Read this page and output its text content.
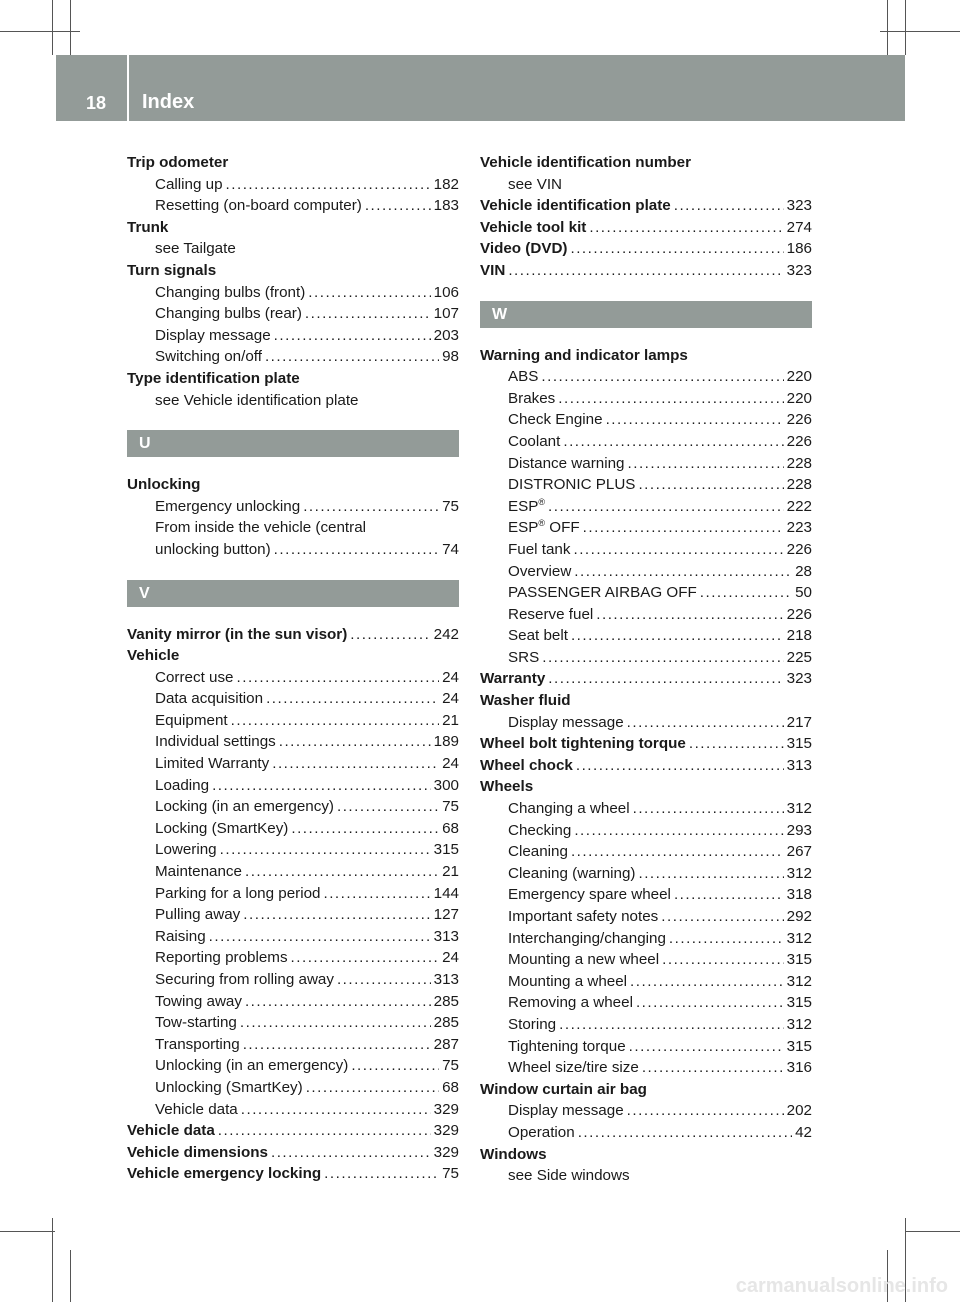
18 Index
Trip odometer
Calling up .....	182
Resetting (on-board computer) .....	183
Trunk
see Tailgate
Turn signals
Changing bulbs (front) .....	106
Changing bulbs (rear) .....	107
Display message .....	203
Switching on/off .....	98
Type identification plate
see Vehicle identification plate
U
Unlocking
Emergency unlocking .....	75
From inside the vehicle (central
unlocking button) .....	74
V
Vanity mirror (in the sun visor) .....	242
Vehicle
Correct use .....	24
Data acquisition .....	24
Equipment .....	21
Individual settings .....	189
Limited Warranty .....	24
Loading .....	300
Locking (in an emergency) .....	75
Locking (SmartKey) .....	68
Lowering .....	315
Maintenance .....	21
Parking for a long period .....	144
Pulling away .....	127
Raising .....	313
Reporting problems .....	24
Securing from rolling away .....	313
Towing away .....	285
Tow-starting .....	285
Transporting .....	287
Unlocking (in an emergency) .....	75
Unlocking (SmartKey) .....	68
Vehicle data .....	329
Vehicle data .....	329
Vehicle dimensions .....	329
Vehicle emergency locking .....	75
Vehicle identification number
see VIN
Vehicle identification plate .....	323
Vehicle tool kit .....	274
Video (DVD) .....	186
VIN .....	323
W
Warning and indicator lamps
ABS .....	220
Brakes .....	220
Check Engine .....	226
Coolant .....	226
Distance warning .....	228
DISTRONIC PLUS .....	228
ESP® .....	222
ESP® OFF .....	223
Fuel tank .....	226
Overview .....	28
PASSENGER AIRBAG OFF .....	50
Reserve fuel .....	226
Seat belt .....	218
SRS .....	225
Warranty .....	323
Washer fluid
Display message .....	217
Wheel bolt tightening torque .....	315
Wheel chock .....	313
Wheels
Changing a wheel .....	312
Checking .....	293
Cleaning .....	267
Cleaning (warning) .....	312
Emergency spare wheel .....	318
Important safety notes .....	292
Interchanging/changing .....	312
Mounting a new wheel .....	315
Mounting a wheel .....	312
Removing a wheel .....	315
Storing .....	312
Tightening torque .....	315
Wheel size/tire size .....	316
Window curtain air bag
Display message .....	202
Operation .....	42
Windows
see Side windows
carmanualsonline.info
